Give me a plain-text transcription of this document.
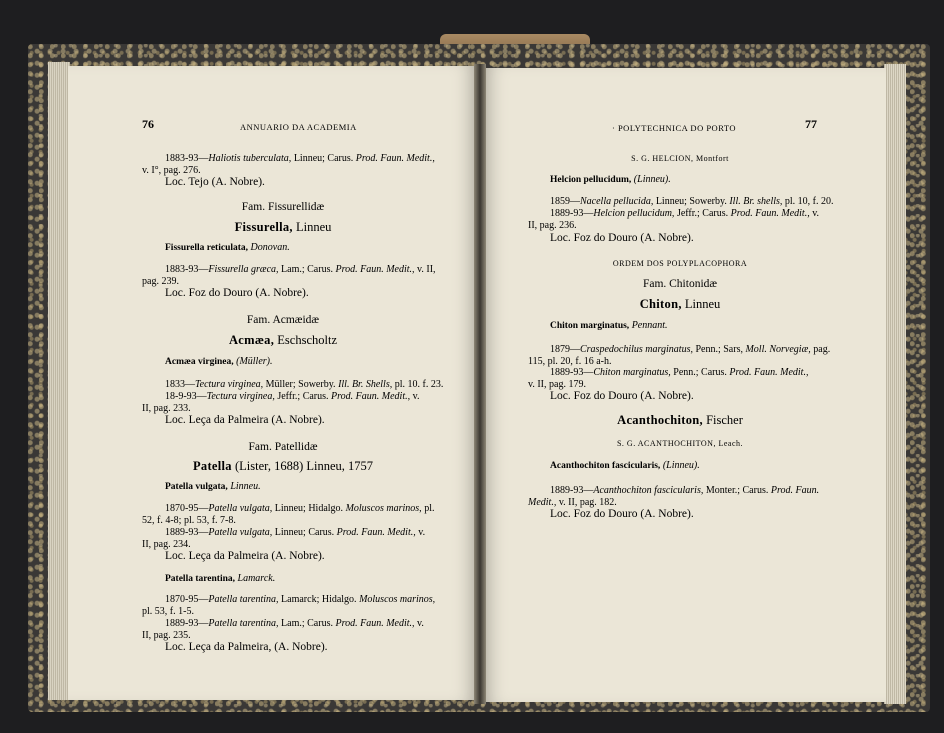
76	ANNUARIO DA ACADEMIA
1883-93—Haliotis tuberculata, Linneu; Carus. Prod. Faun. Medit.,
v. I°, pag. 276.
Loc. Tejo (A. Nobre).
Fam. Fissurellidæ
Fissurella, Linneu
Fissurella reticulata, Donovan.
1883-93—Fissurella græca, Lam.; Carus. Prod. Faun. Medit., v. II,
pag. 239.
Loc. Foz do Douro (A. Nobre).
Fam. Acmæidæ
Acmæa, Eschscholtz
Acmæa virginea, (Müller).
1833—Tectura virginea, Müller; Sowerby. Ill. Br. Shells, pl. 10. f. 23.
18-9-93—Tectura virginea, Jeffr.; Carus. Prod. Faun. Medit., v.
II, pag. 233.
Loc. Leça da Palmeira (A. Nobre).
Fam. Patellidæ
Patella (Lister, 1688) Linneu, 1757
Patella vulgata, Linneu.
1870-95—Patella vulgata, Linneu; Hidalgo. Moluscos marinos, pl.
52, f. 4-8; pl. 53, f. 7-8.
1889-93—Patella vulgata, Linneu; Carus. Prod. Faun. Medit., v.
II, pag. 234.
Loc. Leça da Palmeira (A. Nobre).
Patella tarentina, Lamarck.
1870-95—Patella tarentina, Lamarck; Hidalgo. Moluscos marinos,
pl. 53, f. 1-5.
1889-93—Patella tarentina, Lam.; Carus. Prod. Faun. Medit., v.
II, pag. 235.
Loc. Leça da Palmeira, (A. Nobre).
· POLYTECHNICA DO PORTO	77
S. G. HELCION, Montfort
Helcion pellucidum, (Linneu).
1859—Nacella pellucida, Linneu; Sowerby. Ill. Br. shells, pl. 10, f. 20.
1889-93—Helcion pellucidum, Jeffr.; Carus. Prod. Faun. Medit., v.
II, pag. 236.
Loc. Foz do Douro (A. Nobre).
ORDEM DOS POLYPLACOPHORA
Fam. Chitonidæ
Chiton, Linneu
Chiton marginatus, Pennant.
1879—Craspedochilus marginatus, Penn.; Sars, Moll. Norvegiæ, pag.
115, pl. 20, f. 16 a-h.
1889-93—Chiton marginatus, Penn.; Carus. Prod. Faun. Medit.,
v. II, pag. 179.
Loc. Foz do Douro (A. Nobre).
Acanthochiton, Fischer
S. G. ACANTHOCHITON, Leach.
Acanthochiton fascicularis, (Linneu).
1889-93—Acanthochiton fascicularis, Monter.; Carus. Prod. Faun.
Medit., v. II, pag. 182.
Loc. Foz do Douro (A. Nobre).
